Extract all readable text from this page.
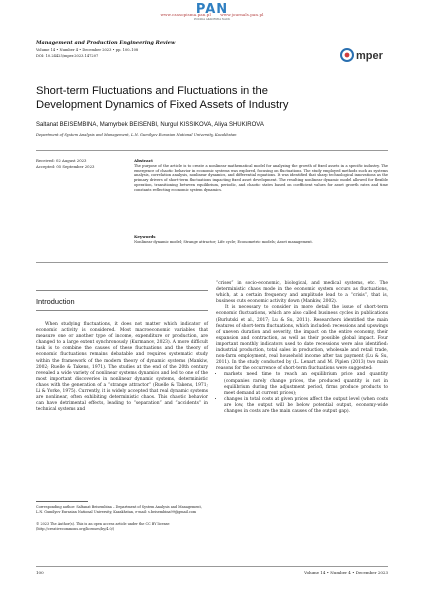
www.czasopisma.pan.pl www.journals.pan.pl
PAN
POLSKA AKADEMIA NAUK
Management and Production Engineering Review
Volume 14 • Number 4 • December 2023 • pp. 100–108
DOI: 10.24425/mper.2023.147207	mper
Short-term Fluctuations and Fluctuations in the Development Dynamics of Fixed Assets of Industry
Saltanat BEISEMBINA, Mamyrbek BEISENBI, Nurgul KISSIKOVA, Aliya SHUKIROVA
Department of System Analysis and Management, L.N. Gumilyov Eurasian National University, Kazakhstan
Received: 02 August 2023
Accepted: 05 September 2023
Abstract
The purpose of the article is to create a nonlinear mathematical model for analyzing the growth of fixed assets in a specific industry. The emergence of chaotic behavior in economic systems was explored, focusing on fluctuations. The study employed methods such as systems analysis, correlation analysis, nonlinear dynamics, and differential equations. It was identified that sharp technological innovations as the primary drivers of short-term fluctuations impacting fixed asset development. The resulting nonlinear dynamic model allowed for flexible operation, transitioning between equilibrium, periodic, and chaotic states based on coefficient values for asset growth rates and time constants reflecting economic system dynamics.
Keywords
Nonlinear dynamic model; Strange attractor; Life cycle; Econometric models; Asset management.
Introduction

When studying fluctuations, it does not matter which indicator of economic activity is considered. Most macroeconomic variables that measure one or another type of income, expenditure or production, are changed to a large extent synchronously (Kurmanov, 2023). A more difficult task is to combine the causes of these fluctuations and the theory of economic fluctuations remains debatable and requires systematic study within the framework of the modern theory of dynamic systems (Mankiw, 2002; Ruelle & Takens, 1971). The studies at the end of the 20th century revealed a wide variety of nonlinear systems dynamics and led to one of the most important discoveries in nonlinear dynamic systems, deterministic chaos with the generation of a “strange attractor” (Ruelle & Takens, 1971; Li & Yorke, 1975). Currently, it is widely accepted that real dynamic systems are nonlinear, often exhibiting deterministic chaos. This chaotic behavior can have detrimental effects, leading to “separation” and “accidents” in technical systems and

“crises” in socio-economic, biological, and medical systems, etc. The deterministic chaos mode in the economic system occurs as fluctuations, which, at a certain frequency and amplitude lead to a “crisis”, that is, business cuts economic activity down (Mankiw, 2002).

It is necessary to consider in more detail the issue of short-term economic fluctuations, which are also called business cycles in publications (Burlutski et al., 2017; Lu & Su, 2011). Researchers identified the main features of short-term fluctuations, which included: recessions and upswings of uneven duration and severity, the impact on the entire economy, their expansion and contraction, as well as their possible global impact. Four important monthly indicators used to date recessions were also identified: industrial production, total sales in production, wholesale and retail trade, non-farm employment, real household income after tax payment (Lu & Su, 2011). In the study conducted by (L. Lenart and M. Pipien (2013) two main reasons for the occurrence of short-term fluctuations were suggested:

• markets need time to reach an equilibrium price and quantity (companies rarely change prices, the produced quantity is not in equilibrium during the adjustment period, firms produce products to meet demand at current prices);
• changes in total costs at given prices affect the output level (when costs are low, the output will be below potential output, economy-wide changes in costs are the main causes of the output gap).
Corresponding author: Saltanat Beisembina – Department of System Analysis and Management, L.N. Gumilyov Eurasian National University, Kazakhstan, e-mail: s.beisembina99@gmail.com
© 2023 The Author(s). This is an open access article under the CC BY license (http://creativecommons.org/licenses/by/4.0/)
100	Volume 14 • Number 4 • December 2023
